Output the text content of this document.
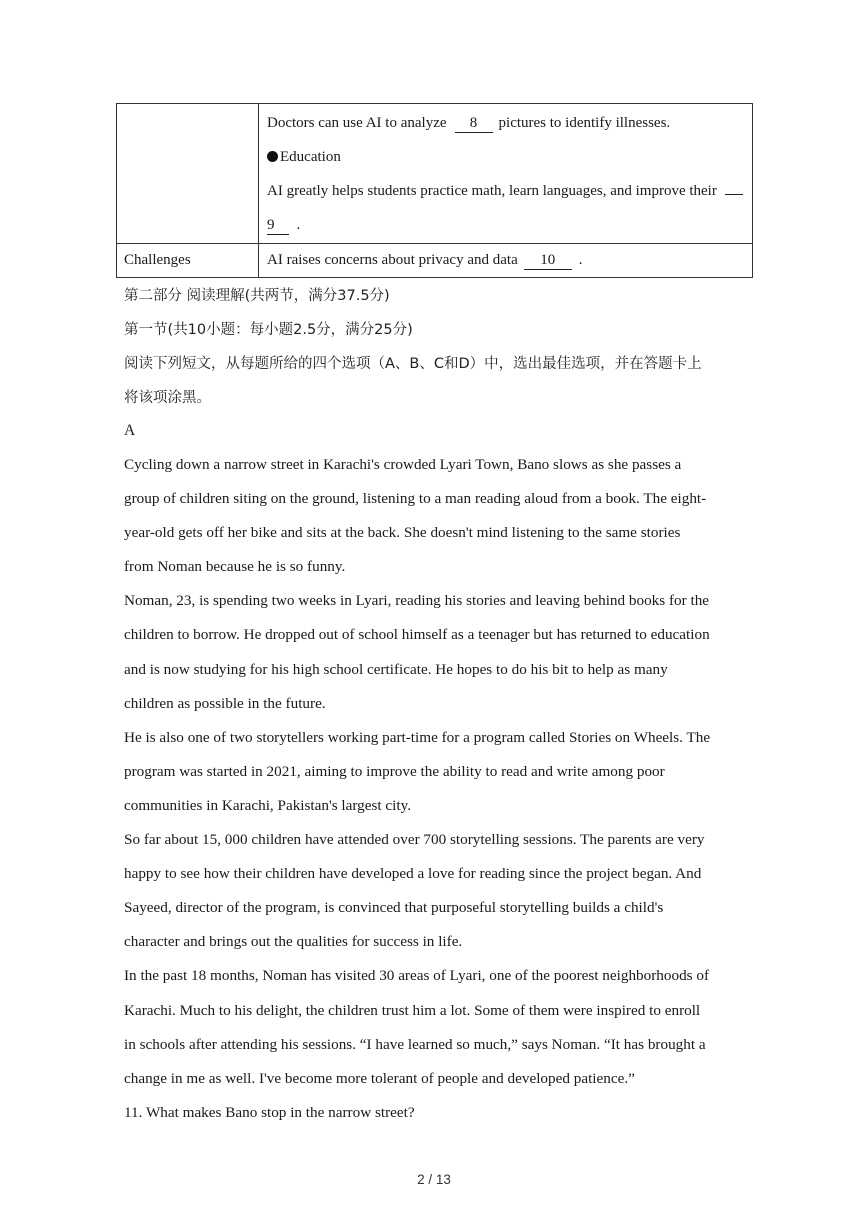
	Doctors can use AI to analyze 8 pictures to identify illnesses.
Education
AI greatly helps students practice math, learn languages, and improve their
9 .

Challenges	AI raises concerns about privacy and data 10 .
第二部分 阅读理解(共两节，满分37.5分)
第一节(共10小题：每小题2.5分，满分25分)
阅读下列短文，从每题所给的四个选项（A、B、C和D）中，选出最佳选项，并在答题卡上
将该项涂黑。
A
Cycling down a narrow street in Karachi's crowded Lyari Town, Bano slows as she passes a
group of children siting on the ground, listening to a man reading aloud from a book. The eight-
year-old gets off her bike and sits at the back. She doesn't mind listening to the same stories
from Noman because he is so funny.
Noman, 23, is spending two weeks in Lyari, reading his stories and leaving behind books for the
children to borrow. He dropped out of school himself as a teenager but has returned to education
and is now studying for his high school certificate. He hopes to do his bit to help as many
children as possible in the future.
He is also one of two storytellers working part-time for a program called Stories on Wheels. The
program was started in 2021, aiming to improve the ability to read and write among poor
communities in Karachi, Pakistan's largest city.
So far about 15, 000 children have attended over 700 storytelling sessions. The parents are very
happy to see how their children have developed a love for reading since the project began. And
Sayeed, director of the program, is convinced that purposeful storytelling builds a child's
character and brings out the qualities for success in life.
In the past 18 months, Noman has visited 30 areas of Lyari, one of the poorest neighborhoods of
Karachi. Much to his delight, the children trust him a lot. Some of them were inspired to enroll
in schools after attending his sessions. “I have learned so much,” says Noman. “It has brought a
change in me as well. I've become more tolerant of people and developed patience.”
11. What makes Bano stop in the narrow street?
2 / 13
